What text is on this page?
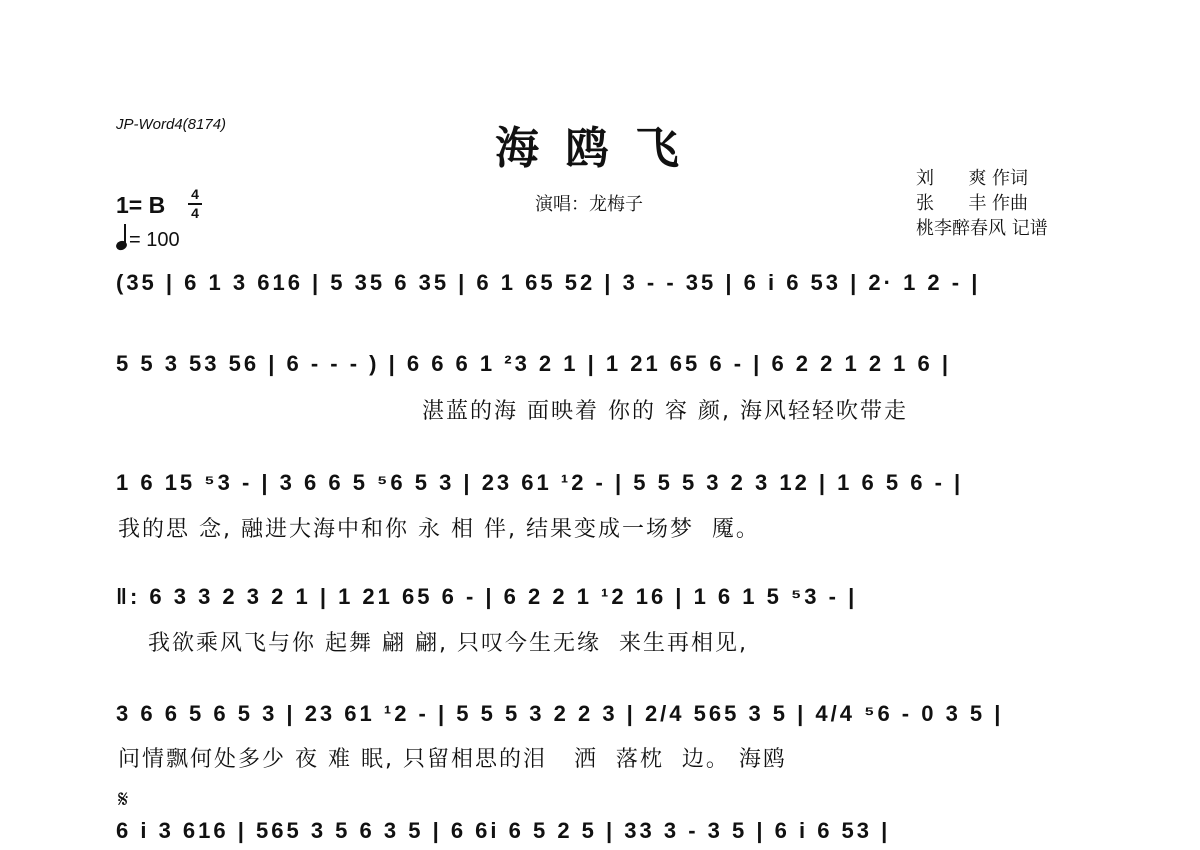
JP-Word4(8174)	海鸥飞
演唱：龙梅子
刘      爽 作词
张      丰 作曲
桃李醉春风 记谱
1= B 4
4
= 100
(35 | 6 1 3 616 | 5 35 6 35 | 6 1 65 52 | 3 - - 35 | 6 i 6 53 | 2· 1 2 - |
5 5 3 53 56 | 6 - - - ) | 6 6 6 1 ²3 2 1 | 1 21 65 6 - | 6 2 2 1 2 1 6 |
湛蓝的海 面映着 你的 容 颜, 海风轻轻吹带走
1 6 15 ⁵3 - | 3 6 6 5 ⁵6 5 3 | 23 61 ¹2 - | 5 5 5 3 2 3 12 | 1 6 5 6 - |
我的思 念, 融进大海中和你 永 相 伴, 结果变成一场梦  魇。
‖: 6 3 3 2 3 2 1 | 1 21 65 6 - | 6 2 2 1 ¹2 16 | 1 6 1 5 ⁵3 - |
我欲乘风飞与你 起舞 翩 翩, 只叹今生无缘  来生再相见,
3 6 6 5 6 5 3 | 23 61 ¹2 - | 5 5 5 3 2 2 3 | 2/4 565 3 5 | 4/4 ⁵6 - 0 3 5 |
问情飘何处多少 夜 难 眠, 只留相思的泪   洒  落枕  边。 海鸥
𝄋
6 i 3 616 | 565 3 5 6 3 5 | 6 6i 6 5 2 5 | 33 3 - 3 5 | 6 i 6 53 |
